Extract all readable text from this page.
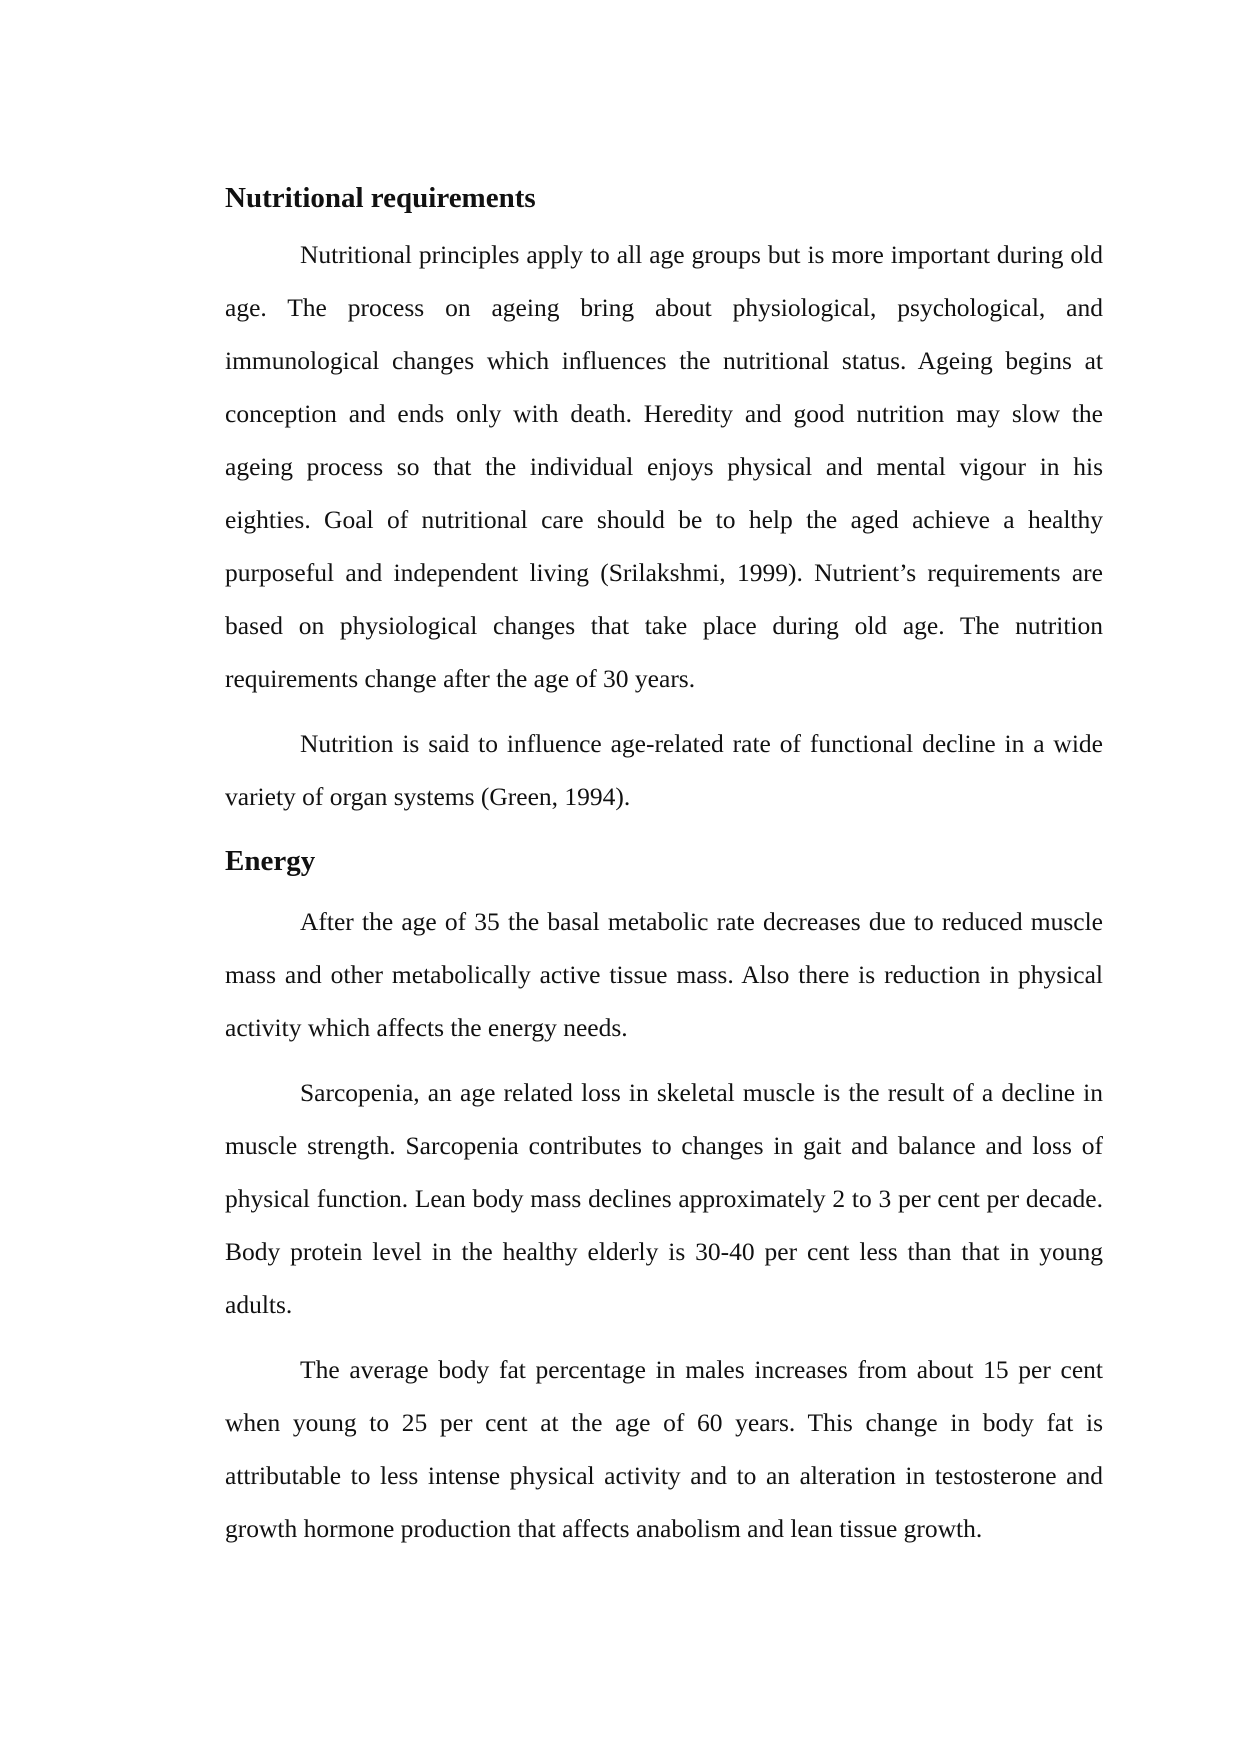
Nutritional requirements

Nutritional principles apply to all age groups but is more important during old age. The process on ageing bring about physiological, psychological, and immunological changes which influences the nutritional status. Ageing begins at conception and ends only with death. Heredity and good nutrition may slow the ageing process so that the individual enjoys physical and mental vigour in his eighties. Goal of nutritional care should be to help the aged achieve a healthy purposeful and independent living (Srilakshmi, 1999). Nutrient’s requirements are based on physiological changes that take place during old age. The nutrition requirements change after the age of 30 years.

Nutrition is said to influence age-related rate of functional decline in a wide variety of organ systems (Green, 1994).

Energy

After the age of 35 the basal metabolic rate decreases due to reduced muscle mass and other metabolically active tissue mass. Also there is reduction in physical activity which affects the energy needs.

Sarcopenia, an age related loss in skeletal muscle is the result of a decline in muscle strength. Sarcopenia contributes to changes in gait and balance and loss of physical function. Lean body mass declines approximately 2 to 3 per cent per decade. Body protein level in the healthy elderly is 30-40 per cent less than that in young adults.

The average body fat percentage in males increases from about 15 per cent when young to 25 per cent at the age of 60 years. This change in body fat is attributable to less intense physical activity and to an alteration in testosterone and growth hormone production that affects anabolism and lean tissue growth.
